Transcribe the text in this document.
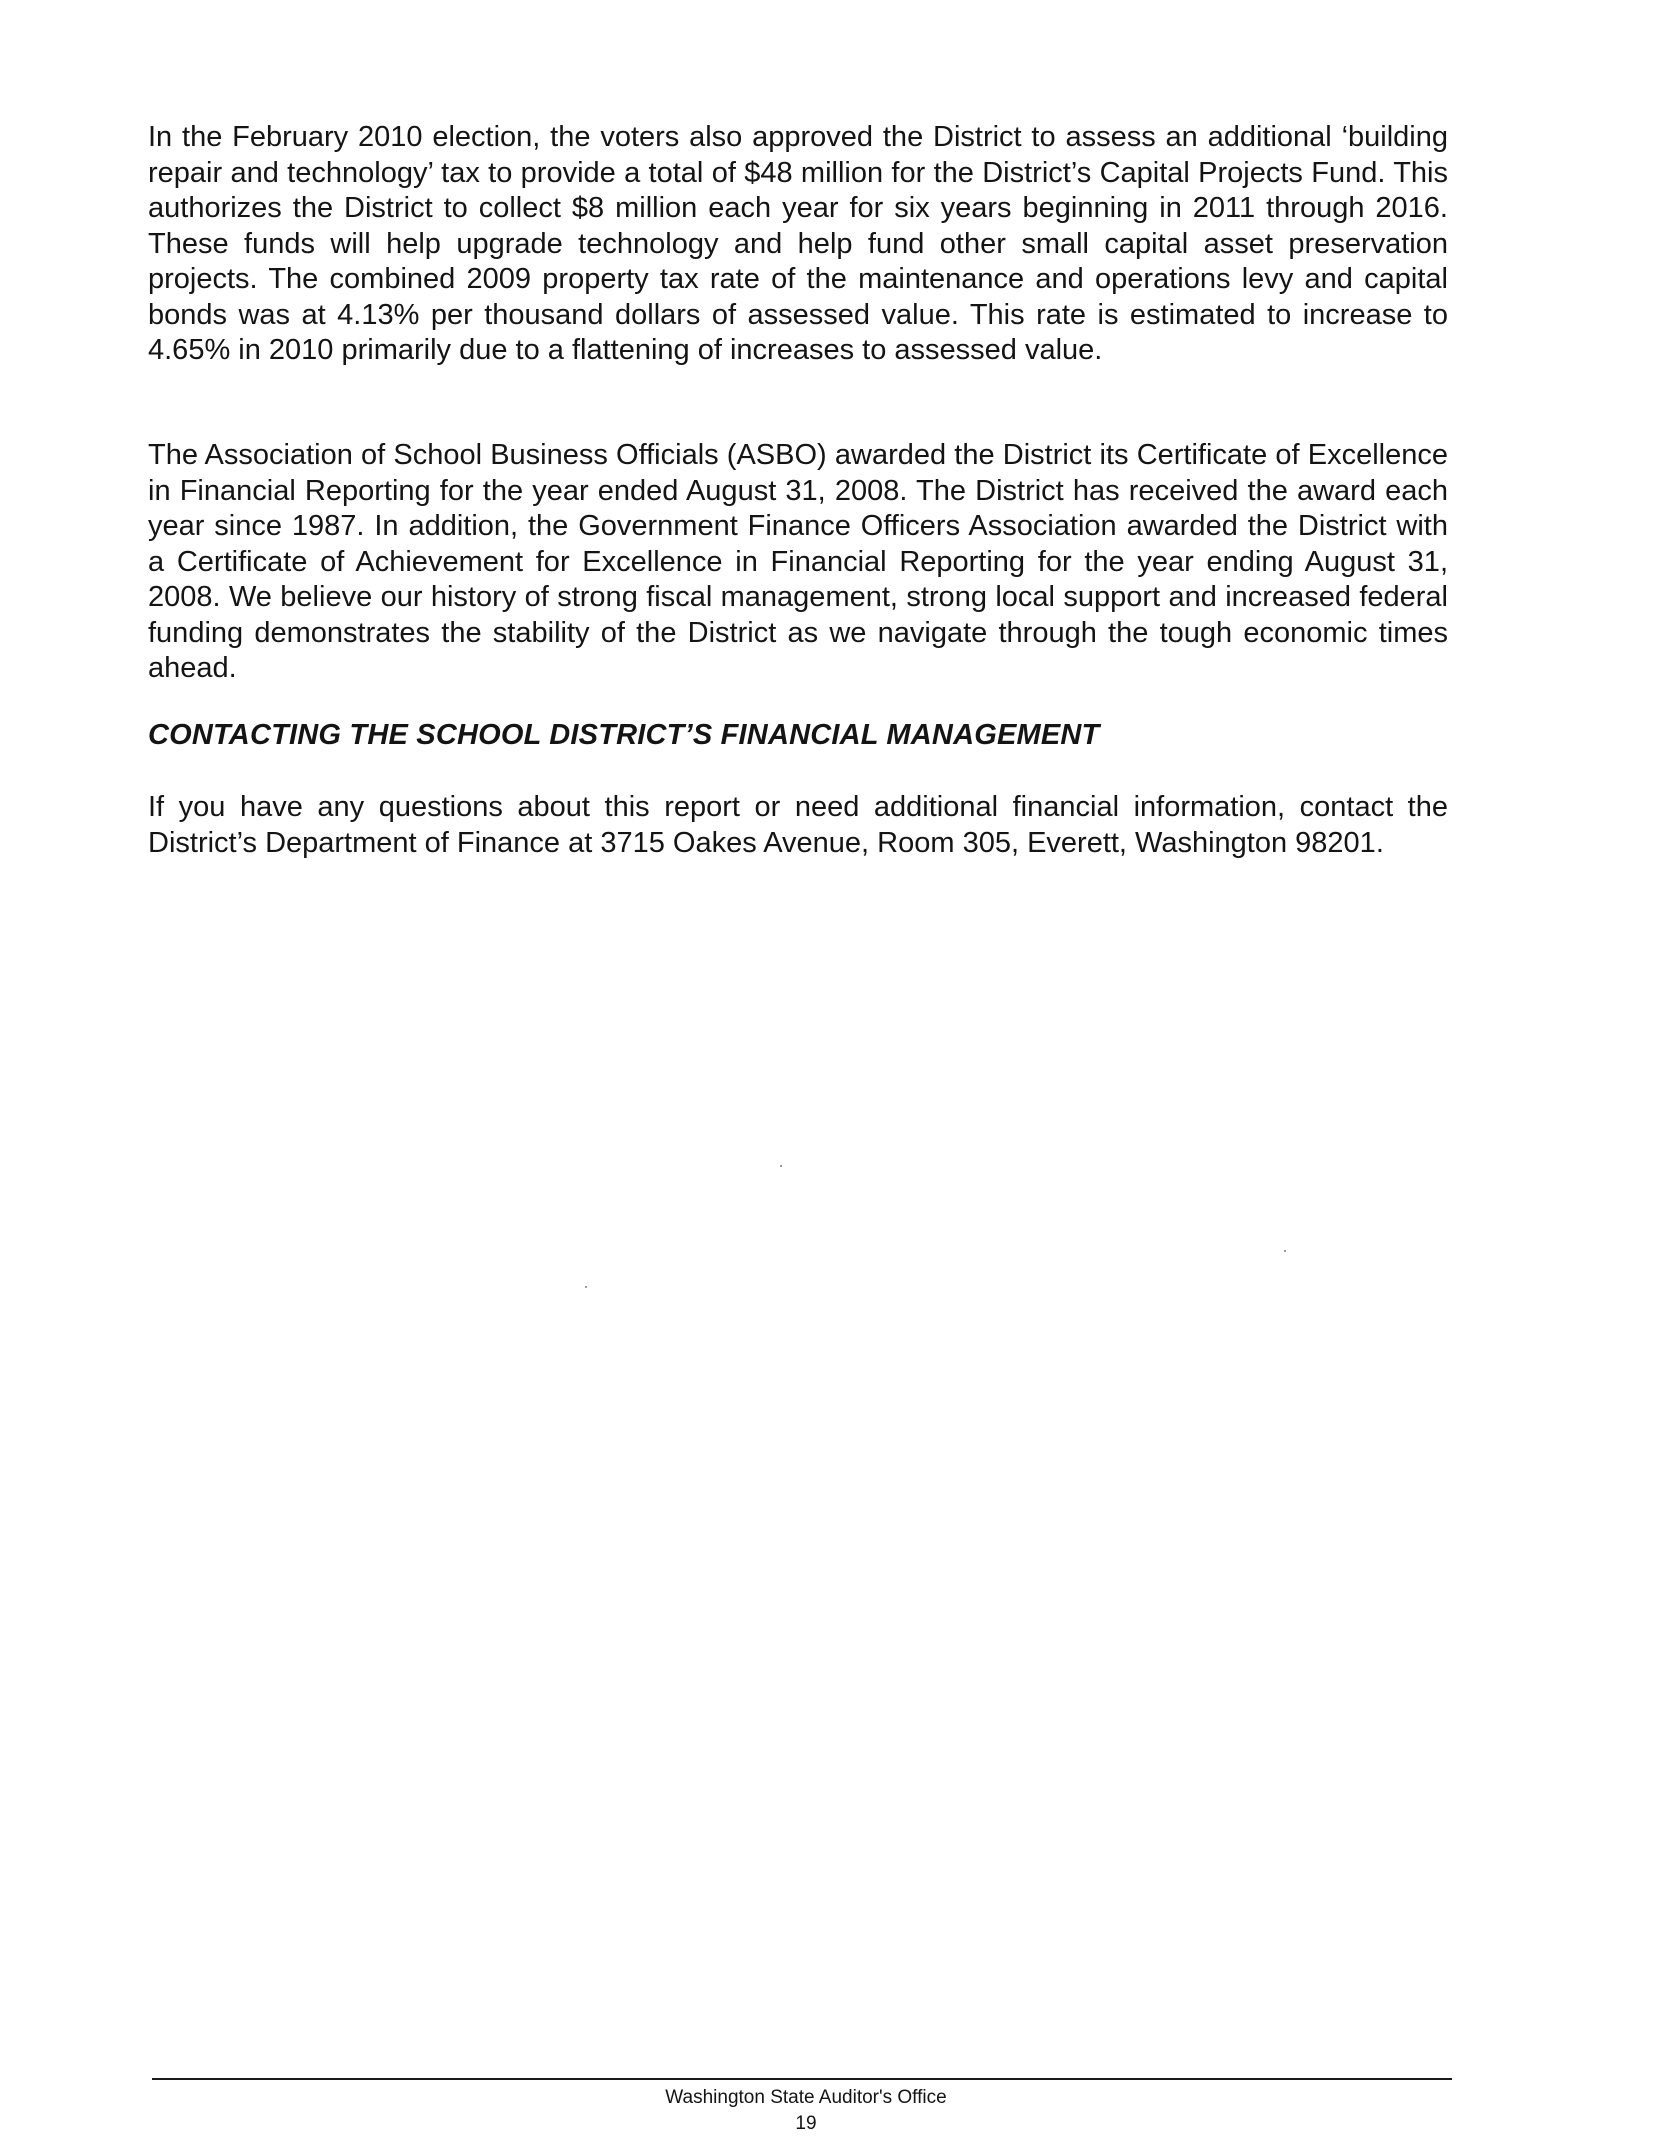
In the February 2010 election, the voters also approved the District to assess an additional ‘building repair and technology’ tax to provide a total of $48 million for the District’s Capital Projects Fund. This authorizes the District to collect $8 million each year for six years beginning in 2011 through 2016. These funds will help upgrade technology and help fund other small capital asset preservation projects. The combined 2009 property tax rate of the maintenance and operations levy and capital bonds was at 4.13% per thousand dollars of assessed value. This rate is estimated to increase to 4.65% in 2010 primarily due to a flattening of increases to assessed value.

The Association of School Business Officials (ASBO) awarded the District its Certificate of Excellence in Financial Reporting for the year ended August 31, 2008. The District has received the award each year since 1987. In addition, the Government Finance Officers Association awarded the District with a Certificate of Achievement for Excellence in Financial Reporting for the year ending August 31, 2008. We believe our history of strong fiscal management, strong local support and increased federal funding demonstrates the stability of the District as we navigate through the tough economic times ahead.

CONTACTING THE SCHOOL DISTRICT’S FINANCIAL MANAGEMENT

If you have any questions about this report or need additional financial information, contact the District’s Department of Finance at 3715 Oakes Avenue, Room 305, Everett, Washington 98201.

Washington State Auditor's Office
19
